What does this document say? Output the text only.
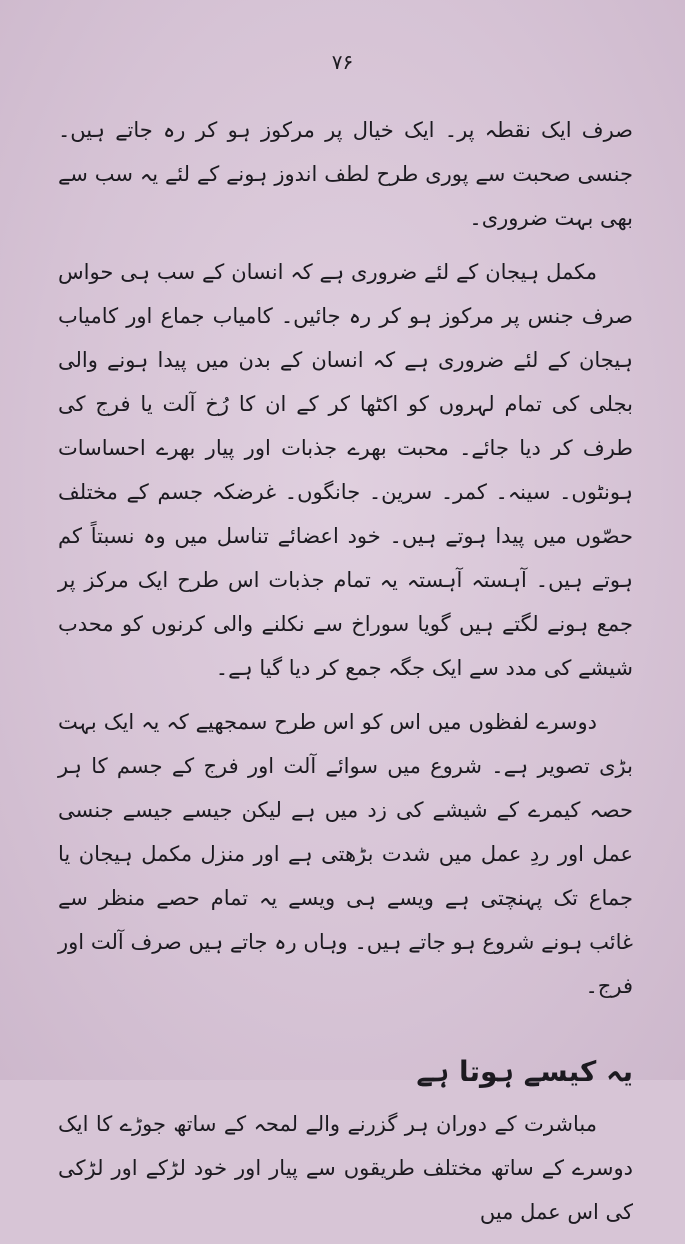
۷۶

صرف ایک نقطہ پر۔ ایک خیال پر مرکوز ہو کر رہ جاتے ہیں۔ جنسی صحبت سے پوری طرح لطف اندوز ہونے کے لئے یہ سب سے بھی بہت ضروری۔

مکمل ہیجان کے لئے ضروری ہے کہ انسان کے سب ہی حواس صرف جنس پر مرکوز ہو کر رہ جائیں۔ کامیاب جماع اور کامیاب ہیجان کے لئے ضروری ہے کہ انسان کے بدن میں پیدا ہونے والی بجلی کی تمام لہروں کو اکٹھا کر کے ان کا رُخ آلت یا فرج کی طرف کر دیا جائے۔ محبت بھرے جذبات اور پیار بھرے احساسات ہونٹوں۔ سینہ۔ کمر۔ سرین۔ جانگوں۔ غرضکہ جسم کے مختلف حصّوں میں پیدا ہوتے ہیں۔ خود اعضائے تناسل میں وہ نسبتاً کم ہوتے ہیں۔ آہستہ آہستہ یہ تمام جذبات اس طرح ایک مرکز پر جمع ہونے لگتے ہیں گویا سوراخ سے نکلنے والی کرنوں کو محدب شیشے کی مدد سے ایک جگہ جمع کر دیا گیا ہے۔

دوسرے لفظوں میں اس کو اس طرح سمجھیے کہ یہ ایک بہت بڑی تصویر ہے۔ شروع میں سوائے آلت اور فرج کے جسم کا ہر حصہ کیمرے کے شیشے کی زد میں ہے لیکن جیسے جیسے جنسی عمل اور ردِ عمل میں شدت بڑھتی ہے اور منزل مکمل ہیجان یا جماع تک پہنچتی ہے ویسے ہی ویسے یہ تمام حصے منظر سے غائب ہونے شروع ہو جاتے ہیں۔ وہاں رہ جاتے ہیں صرف آلت اور فرج۔

یہ کیسے ہوتا ہے

مباشرت کے دوران ہر گزرنے والے لمحہ کے ساتھ جوڑے کا ایک دوسرے کے ساتھ مختلف طریقوں سے پیار اور خود لڑکے اور لڑکی کی اس عمل میں
